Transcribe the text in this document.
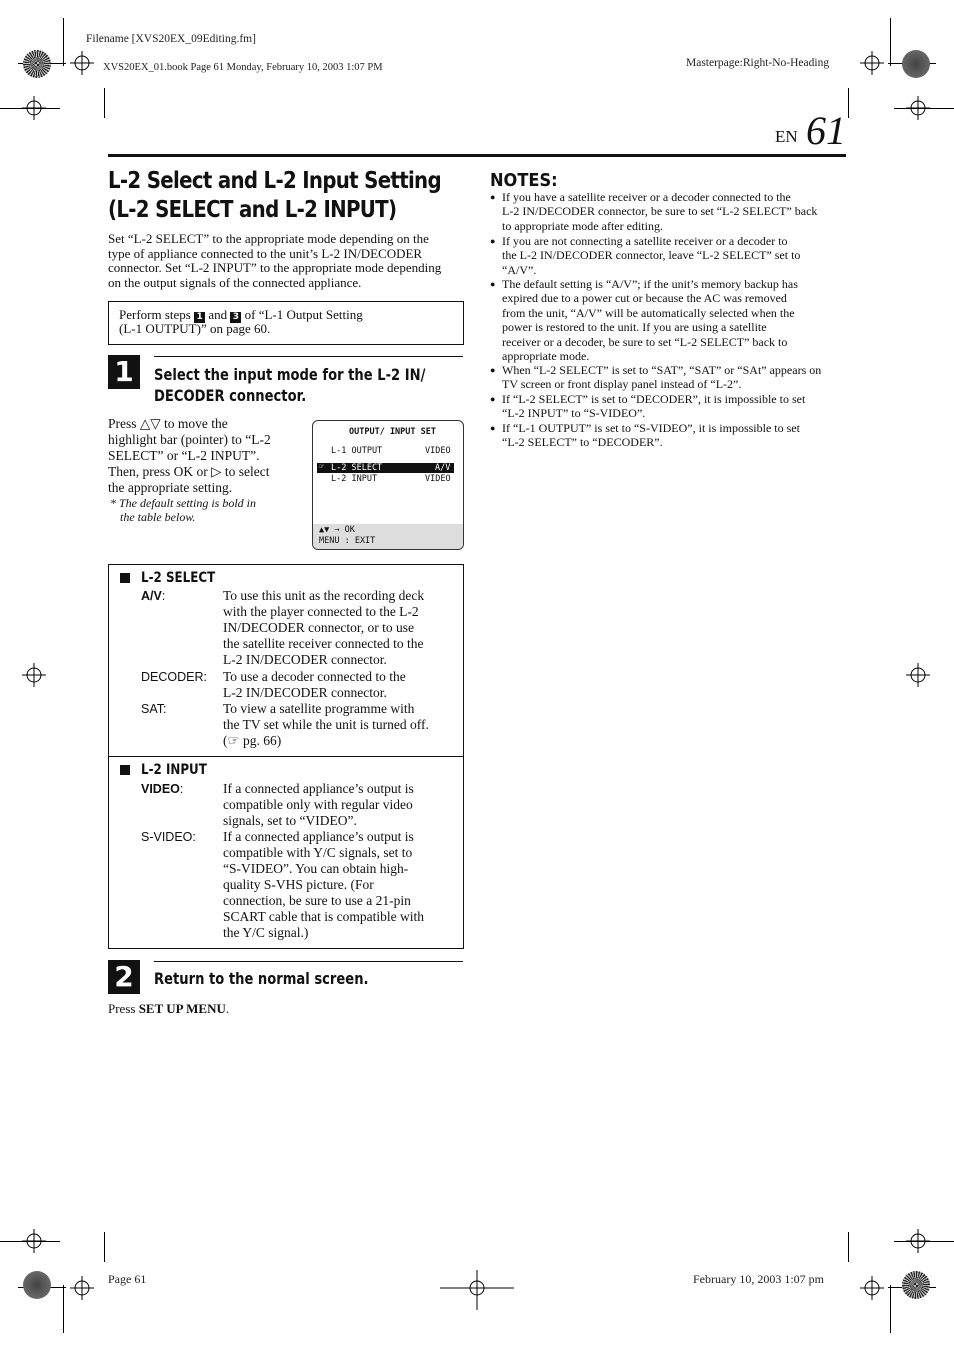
Filename [XVS20EX_09Editing.fm]
XVS20EX_01.book Page 61 Monday, February 10, 2003 1:07 PM	Masterpage:Right-No-Heading
EN 61
L-2 Select and L-2 Input Setting
(L-2 SELECT and L-2 INPUT)
Set “L-2 SELECT” to the appropriate mode depending on the
type of appliance connected to the unit’s L-2 IN/DECODER
connector. Set “L-2 INPUT” to the appropriate mode depending
on the output signals of the connected appliance.
Perform steps 1 and 3 of “L-1 Output Setting
(L-1 OUTPUT)” on page 60.
1	Select the input mode for the L-2 IN/
DECODER connector.
Press △▽ to move the
highlight bar (pointer) to “L-2
SELECT” or “L-2 INPUT”.
Then, press OK or ▷ to select
the appropriate setting.
* The default setting is bold in
the table below.
OUTPUT/ INPUT SET
L-1 OUTPUT	VIDEO
☞ L-2 SELECT	A/V
L-2 INPUT	VIDEO
▲▼ → OK
MENU : EXIT
L-2 SELECT
A/V:	To use this unit as the recording deck
with the player connected to the L-2
IN/DECODER connector, or to use
the satellite receiver connected to the
L-2 IN/DECODER connector.
DECODER: To use a decoder connected to the
L-2 IN/DECODER connector.
SAT:	To view a satellite programme with
the TV set while the unit is turned off.
(☞ pg. 66)
L-2 INPUT
VIDEO:	If a connected appliance’s output is
compatible only with regular video
signals, set to “VIDEO”.
S-VIDEO: If a connected appliance’s output is
compatible with Y/C signals, set to
“S-VIDEO”. You can obtain high-
quality S-VHS picture. (For
connection, be sure to use a 21-pin
SCART cable that is compatible with
the Y/C signal.)
2	Return to the normal screen.
Press SET UP MENU.
NOTES:
● If you have a satellite receiver or a decoder connected to the
L-2 IN/DECODER connector, be sure to set “L-2 SELECT” back
to appropriate mode after editing.
● If you are not connecting a satellite receiver or a decoder to
the L-2 IN/DECODER connector, leave “L-2 SELECT” set to
“A/V”.
● The default setting is “A/V”; if the unit’s memory backup has
expired due to a power cut or because the AC was removed
from the unit, “A/V” will be automatically selected when the
power is restored to the unit. If you are using a satellite
receiver or a decoder, be sure to set “L-2 SELECT” back to
appropriate mode.
● When “L-2 SELECT” is set to “SAT”, “SAT” or “SAt” appears on
TV screen or front display panel instead of “L-2”.
● If “L-2 SELECT” is set to “DECODER”, it is impossible to set
“L-2 INPUT” to “S-VIDEO”.
● If “L-1 OUTPUT” is set to “S-VIDEO”, it is impossible to set
“L-2 SELECT” to “DECODER”.
Page 61	February 10, 2003 1:07 pm
